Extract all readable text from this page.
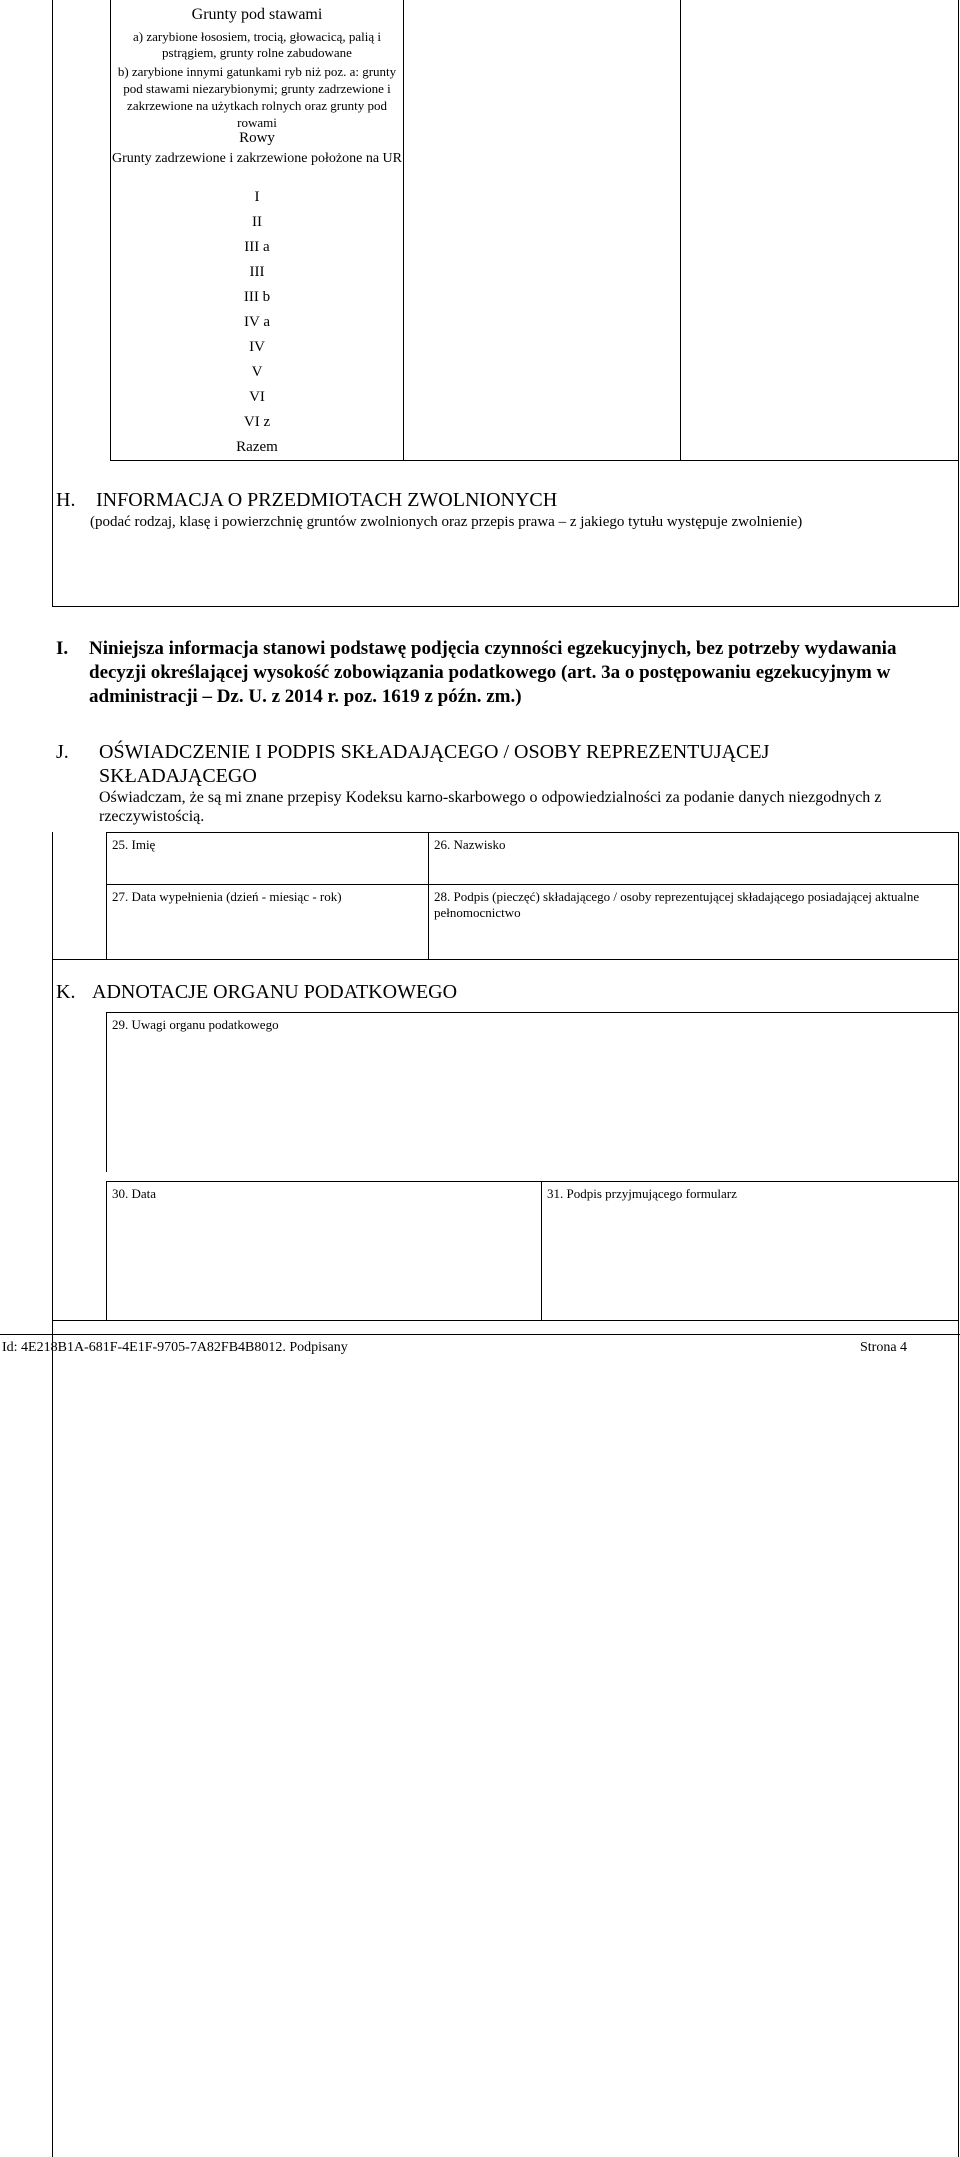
Grunty pod stawami
a) zarybione łososiem, trocią, głowacicą, palią i pstrągiem, grunty rolne zabudowane
b) zarybione innymi gatunkami ryb niż poz. a: grunty pod stawami niezarybionymi; grunty zadrzewione i zakrzewione na użytkach rolnych oraz grunty pod rowami
Rowy
Grunty zadrzewione i zakrzewione położone na UR
I
II
III a
III
III b
IV a
IV
V
VI
VI z
Razem
H. INFORMACJA O PRZEDMIOTACH ZWOLNIONYCH
(podać rodzaj, klasę i powierzchnię gruntów zwolnionych oraz przepis prawa – z jakiego tytułu występuje zwolnienie)
I. Niniejsza informacja stanowi podstawę podjęcia czynności egzekucyjnych, bez potrzeby wydawania decyzji określającej wysokość zobowiązania podatkowego (art. 3a o postępowaniu egzekucyjnym w administracji – Dz. U. z 2014 r. poz. 1619 z późn. zm.)
J. OŚWIADCZENIE I PODPIS SKŁADAJĄCEGO / OSOBY REPREZENTUJĄCEJ SKŁADAJĄCEGO
Oświadczam, że są mi znane przepisy Kodeksu karno-skarbowego o odpowiedzialności za podanie danych niezgodnych z rzeczywistością.
25. Imię	26. Nazwisko
27. Data wypełnienia (dzień - miesiąc - rok)	28. Podpis (pieczęć) składającego / osoby reprezentującej składającego posiadającej aktualne pełnomocnictwo
K. ADNOTACJE ORGANU PODATKOWEGO
29. Uwagi organu podatkowego
30. Data	31. Podpis przyjmującego formularz
Id: 4E218B1A-681F-4E1F-9705-7A82FB4B8012. Podpisany	Strona 4
